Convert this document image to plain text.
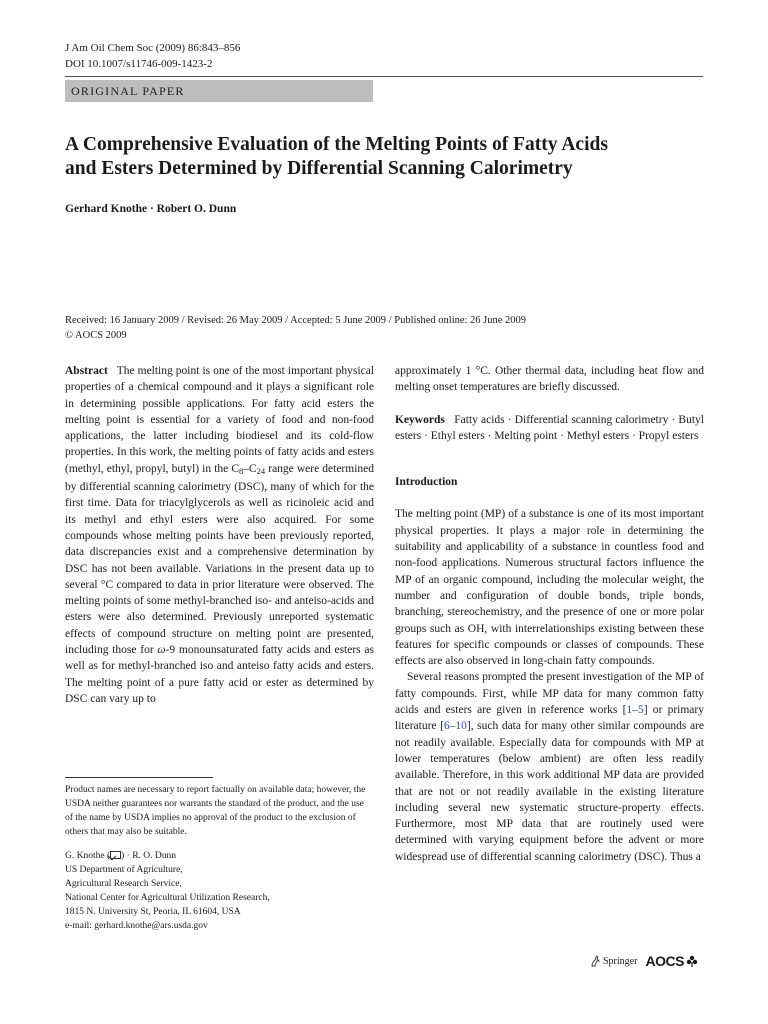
J Am Oil Chem Soc (2009) 86:843–856
DOI 10.1007/s11746-009-1423-2
ORIGINAL PAPER
A Comprehensive Evaluation of the Melting Points of Fatty Acids
and Esters Determined by Differential Scanning Calorimetry
Gerhard Knothe · Robert O. Dunn
Received: 16 January 2009 / Revised: 26 May 2009 / Accepted: 5 June 2009 / Published online: 26 June 2009
© AOCS 2009

Abstract The melting point is one of the most important physical properties of a chemical compound and it plays a significant role in determining possible applications. For fatty acid esters the melting point is essential for a variety of food and non-food applications, the latter including biodiesel and its cold-flow properties. In this work, the melting points of fatty acids and esters (methyl, ethyl, propyl, butyl) in the $C_8-C_{24}$ range were determined by differential scanning calorimetry (DSC), many of which for the first time. Data for triacylglycerols as well as ricinoleic acid and its methyl and ethyl esters were also acquired. For some compounds whose melting points have been previously reported, data discrepancies exist and a comprehensive determination by DSC has not been available. Variations in the present data up to several °C compared to data in prior literature were observed. The melting points of some methyl-branched iso- and anteiso-acids and esters were also determined. Previously unreported systematic effects of compound structure on melting point are presented, including those for ω-9 monounsaturated fatty acids and esters as well as for methyl-branched iso and anteiso fatty acids and esters. The melting point of a pure fatty acid or ester as determined by DSC can vary up to

approximately 1 °C. Other thermal data, including heat flow and melting onset temperatures are briefly discussed.

Keywords Fatty acids · Differential scanning calorimetry · Butyl esters · Ethyl esters · Melting point · Methyl esters · Propyl esters

Introduction

The melting point (MP) of a substance is one of its most important physical properties. It plays a major role in determining the suitability and applicability of a substance in countless food and non-food applications. Numerous structural factors influence the MP of an organic compound, including the molecular weight, the number and configuration of double bonds, triple bonds, branching, stereochemistry, and the presence of one or more polar groups such as OH, with interrelationships existing between these features for specific compounds or classes of compounds. These effects are also observed in long-chain fatty compounds.

Several reasons prompted the present investigation of the MP of fatty compounds. First, while MP data for many common fatty acids and esters are given in reference works [1–5] or primary literature [6–10], such data for many other similar compounds are not readily available. Especially data for compounds with MP at lower temperatures (below ambient) are often less readily available. Therefore, in this work additional MP data are provided that are not or not readily available in the existing literature including several new systematic structure-property effects. Furthermore, most MP data that are routinely used were determined with varying equipment before the advent or more widespread use of differential scanning calorimetry (DSC). Thus a

Product names are necessary to report factually on available data; however, the USDA neither guarantees nor warrants the standard of the product, and the use of the name by USDA implies no approval of the product to the exclusion of others that may also be suitable.
G. Knothe ( ) · R. O. Dunn
US Department of Agriculture,
Agricultural Research Service,
National Center for Agricultural Utilization Research,
1815 N. University St, Peoria, IL 61604, USA
e-mail: gerhard.knothe@ars.usda.gov
Springer AOCS
